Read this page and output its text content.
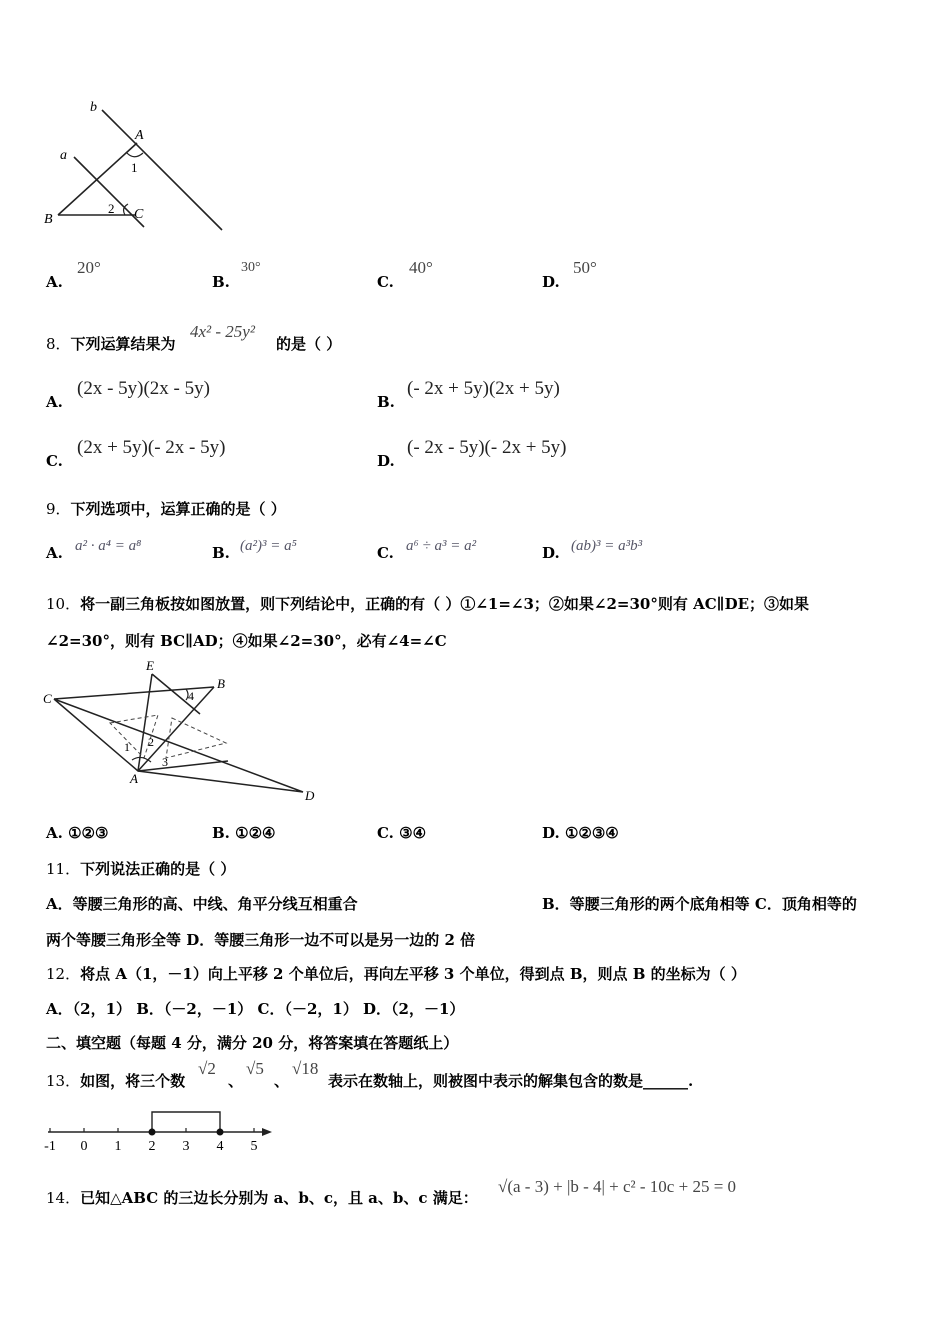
b
a
A
1
B
2 C
A.
20°
B.
30°
C.
40°
D.
50°
8．下列运算结果为
4x² - 25y²
的是（ ）
A.
(2x - 5y)(2x - 5y)
B.
(- 2x + 5y)(2x + 5y)
C.
(2x + 5y)(- 2x - 5y)
D.
(- 2x - 5y)(- 2x + 5y)
9．下列选项中，运算正确的是（ ）
A. a² · a⁴ = a⁸	B. (a²)³ = a⁵	C. a⁶ ÷ a³ = a²	D. (ab)³ = a³b³
10．将一副三角板按如图放置，则下列结论中，正确的有（ ）①∠1=∠3；②如果∠2=30°则有 AC∥DE；③如果
∠2=30°，则有 BC∥AD；④如果∠2=30°，必有∠4=∠C
E
B
C	4
1 2
3
A
D
A. ①②③	B. ①②④	C. ③④	D. ①②③④
11．下列说法正确的是（ ）
A．等腰三角形的高、中线、角平分线互相重合	B．等腰三角形的两个底角相等 C．顶角相等的
两个等腰三角形全等 D．等腰三角形一边不可以是另一边的 2 倍
12．将点 A（1，－1）向上平移 2 个单位后，再向左平移 3 个单位，得到点 B，则点 B 的坐标为（ ）
A．（2，1） B．（－2，－1） C．（－2，1） D．（2，－1）
二、填空题（每题 4 分，满分 20 分，将答案填在答题纸上）
13．如图，将三个数
√2
、
√5
、
√18
表示在数轴上，则被图中表示的解集包含的数是______.
-1 0 1 2 3 4 5
14．已知△ABC 的三边长分别为 a、b、c，且 a、b、c 满足：
√(a - 3) + |b - 4| + c² - 10c + 25 = 0
